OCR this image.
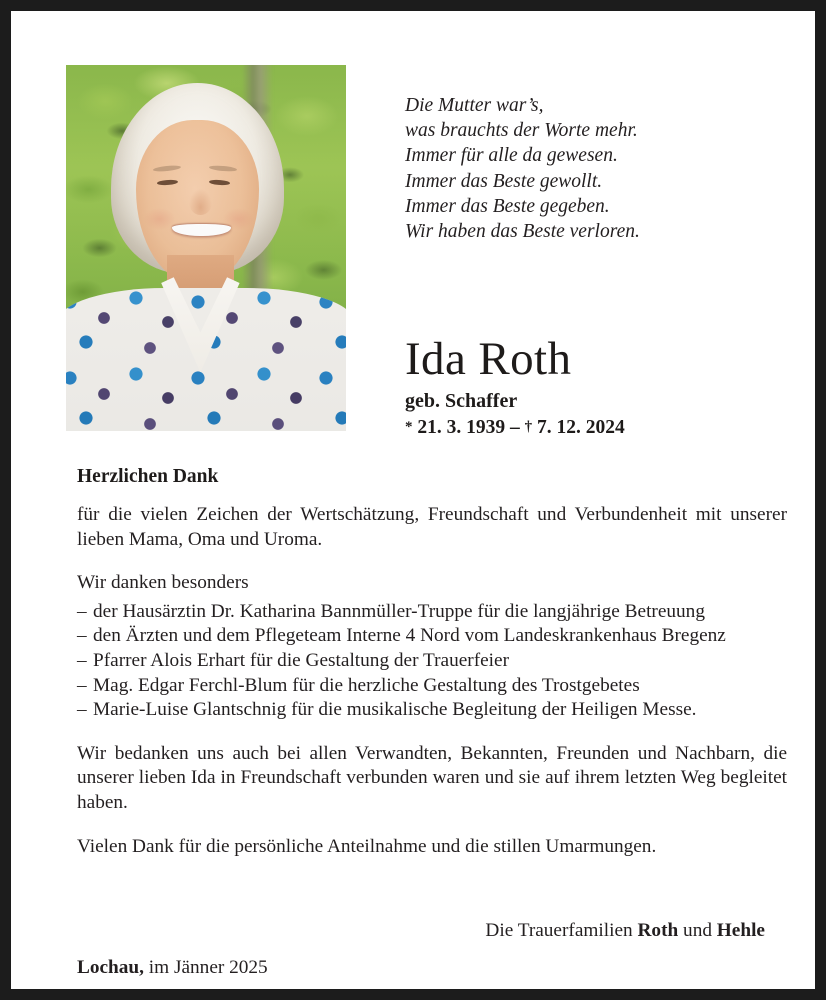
Die Mutter war’s,
was brauchts der Worte mehr.
Immer für alle da gewesen.
Immer das Beste gewollt.
Immer das Beste gegeben.
Wir haben das Beste verloren.
Ida Roth
geb. Schaffer
* 21. 3. 1939 – † 7. 12. 2024
Herzlichen Dank

für die vielen Zeichen der Wertschätzung, Freundschaft und Verbundenheit mit unserer lieben Mama, Oma und Uroma.

Wir danken besonders

– der Hausärztin Dr. Katharina Bannmüller-Truppe für die langjährige Betreuung
– den Ärzten und dem Pflegeteam Interne 4 Nord vom Landeskrankenhaus Bregenz
– Pfarrer Alois Erhart für die Gestaltung der Trauerfeier
– Mag. Edgar Ferchl-Blum für die herzliche Gestaltung des Trostgebetes
– Marie-Luise Glantschnig für die musikalische Begleitung der Heiligen Messe.

Wir bedanken uns auch bei allen Verwandten, Bekannten, Freunden und Nachbarn, die unserer lieben Ida in Freundschaft verbunden waren und sie auf ihrem letzten Weg begleitet haben.

Vielen Dank für die persönliche Anteilnahme und die stillen Umarmungen.

Die Trauerfamilien Roth und Hehle
Lochau, im Jänner 2025
